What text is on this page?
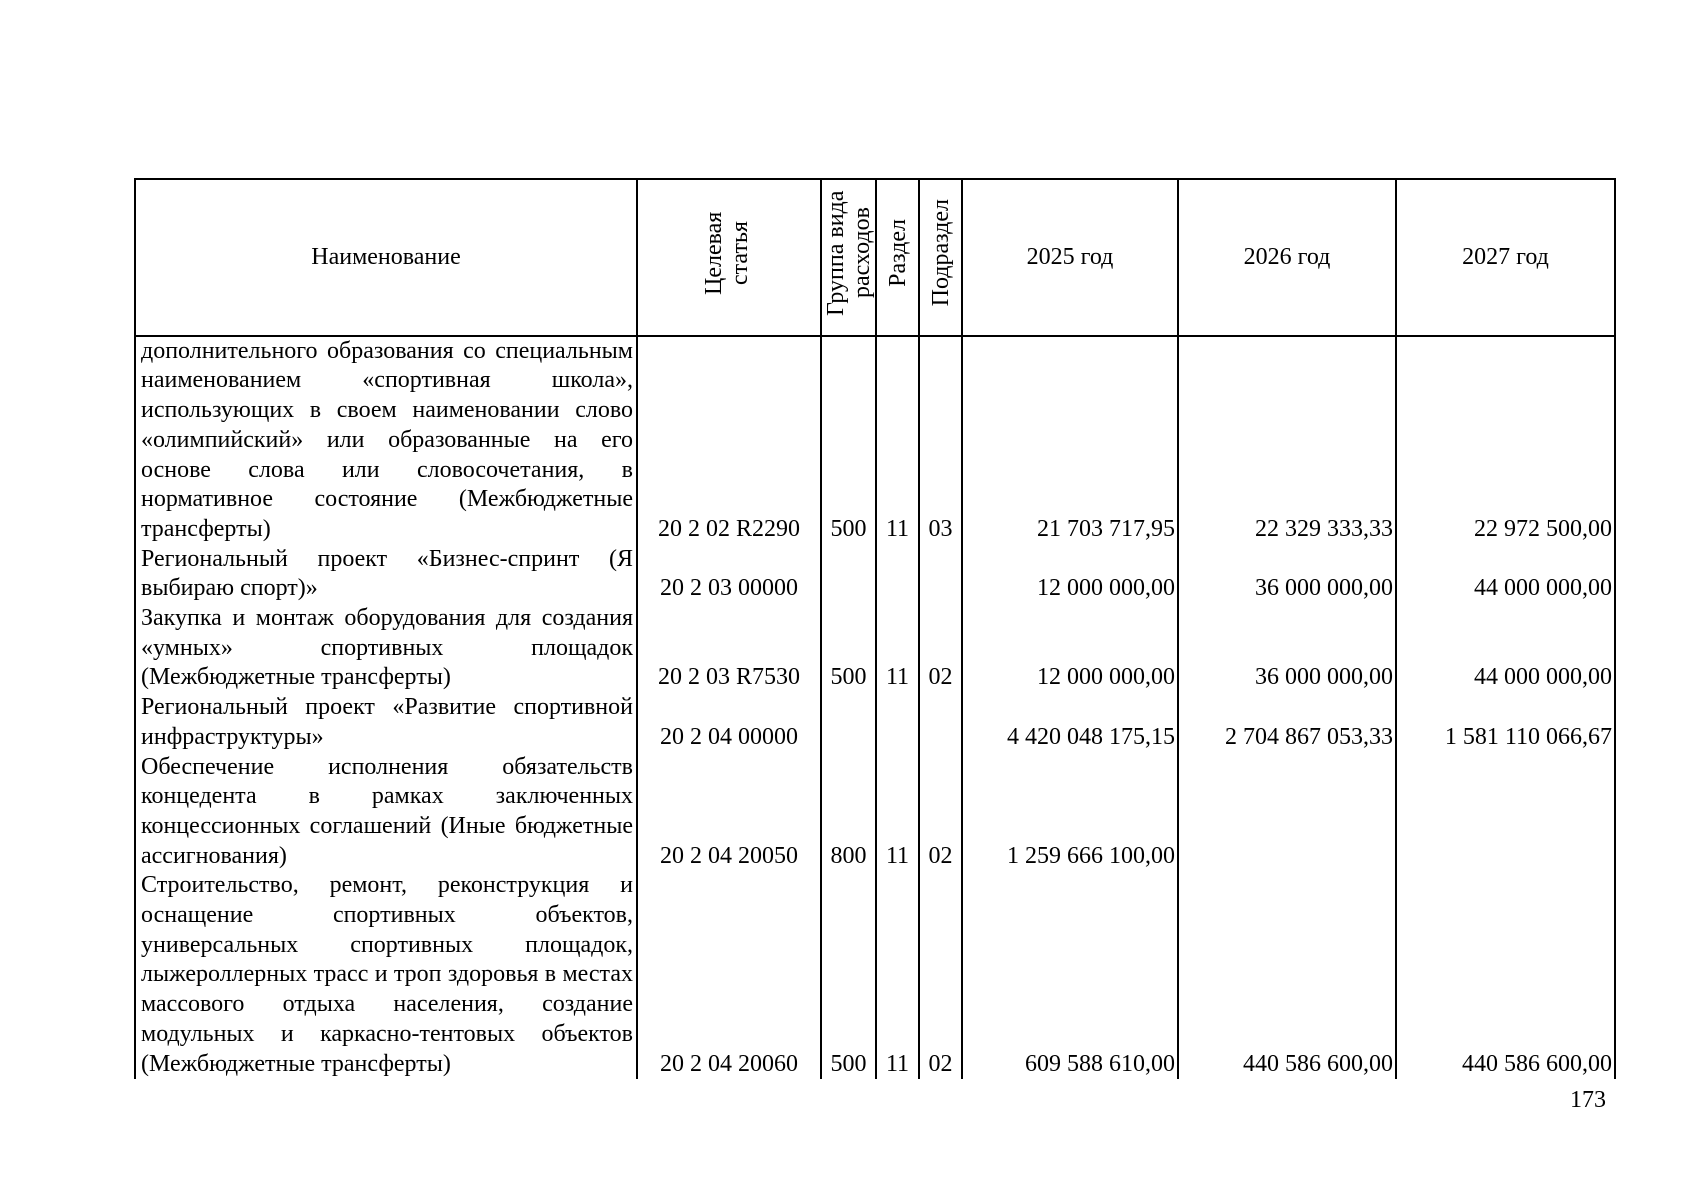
Наименование	Целевая статья	Группа вида расходов	Раздел	Подраздел	2025 год	2026 год	2027 год
дополнительного образования со специальным наименованием «спортивная школа», использующих в своем наименовании слово «олимпийский» или образованные на его основе слова или словосочетания, в нормативное состояние (Межбюджетные трансферты)	20 2 02 R2290	500	11	03	21 703 717,95	22 329 333,33	22 972 500,00
Региональный проект «Бизнес-спринт (Я выбираю спорт)»	20 2 03 00000				12 000 000,00	36 000 000,00	44 000 000,00
Закупка и монтаж оборудования для создания «умных» спортивных площадок (Межбюджетные трансферты)	20 2 03 R7530	500	11	02	12 000 000,00	36 000 000,00	44 000 000,00
Региональный проект «Развитие спортивной инфраструктуры»	20 2 04 00000				4 420 048 175,15	2 704 867 053,33	1 581 110 066,67
Обеспечение исполнения обязательств концедента в рамках заключенных концессионных соглашений (Иные бюджетные ассигнования)	20 2 04 20050	800	11	02	1 259 666 100,00		
Строительство, ремонт, реконструкция и оснащение спортивных объектов, универсальных спортивных площадок, лыжероллерных трасс и троп здоровья в местах массового отдыха населения, создание модульных и каркасно-тентовых объектов (Межбюджетные трансферты)	20 2 04 20060	500	11	02	609 588 610,00	440 586 600,00	440 586 600,00
173
